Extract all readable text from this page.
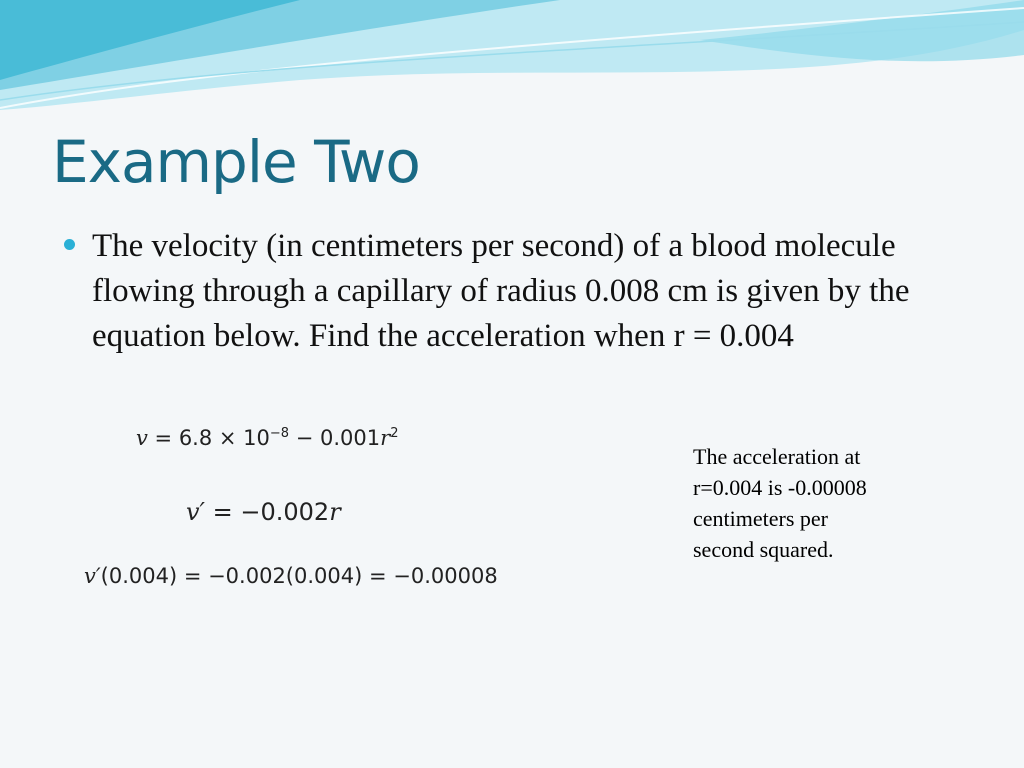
Example Two

The velocity (in centimeters per second) of a blood molecule flowing through a capillary of radius 0.008 cm is given by the equation below. Find the acceleration when r = 0.004

$v = 6.8 \times 10^{-8} - 0.001r^2$
v′ = −0.002r
v′(0.004) = −0.002(0.004) = −0.00008

The acceleration at r=0.004 is -0.00008 centimeters per second squared.
